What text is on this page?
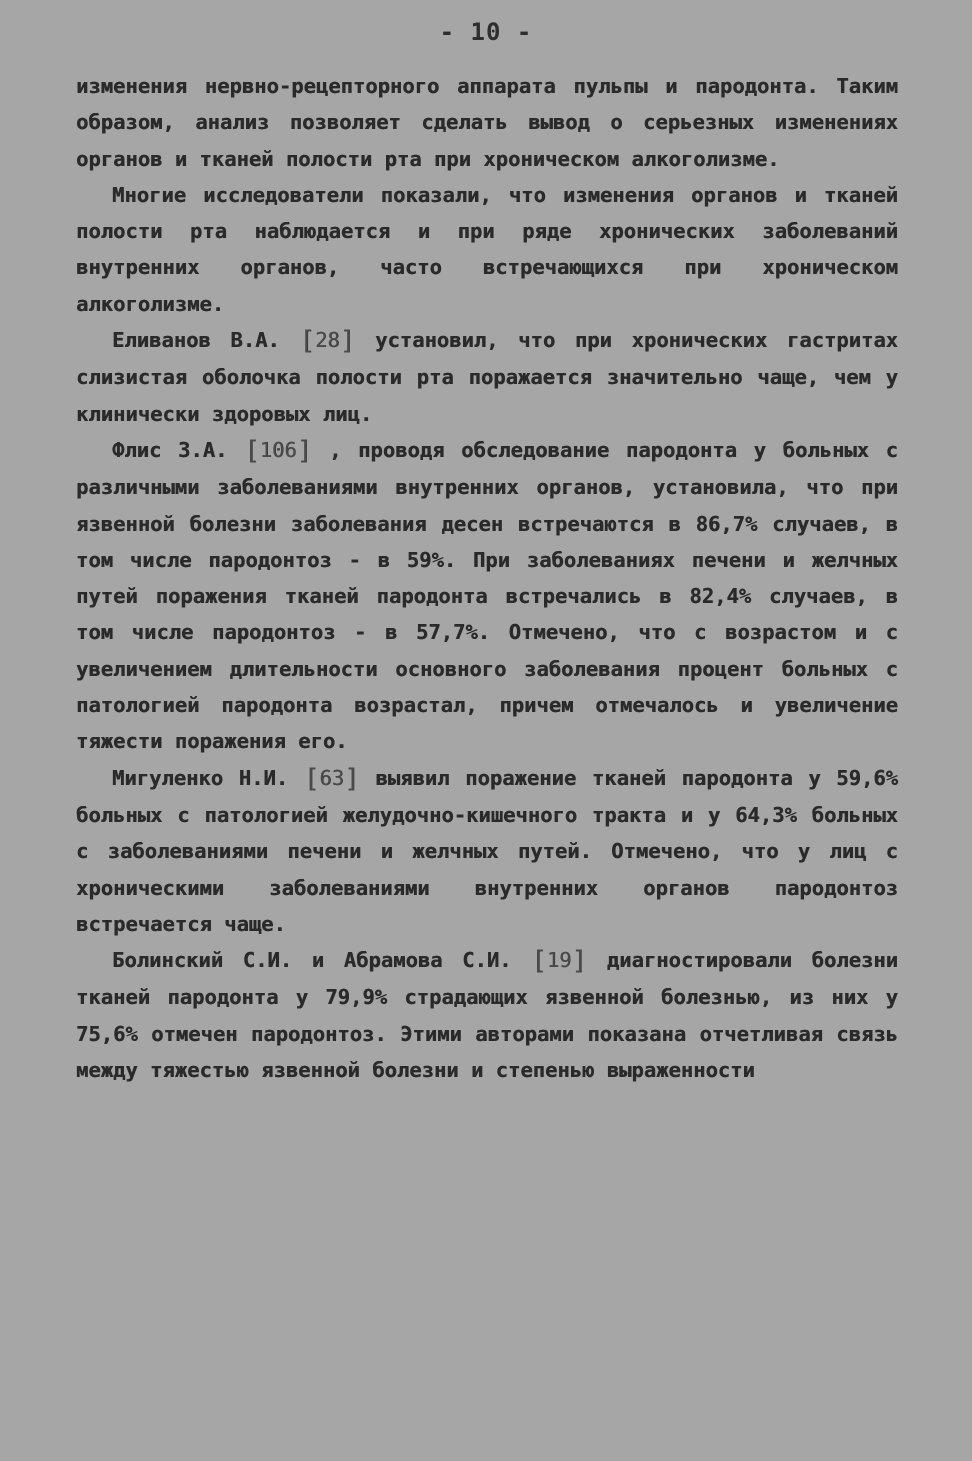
- 10 -

изменения нервно-рецепторного аппарата пульпы и пародонта. Таким образом, анализ позволяет сделать вывод о серьезных изменениях органов и тканей полости рта при хроническом алкоголизме.

Многие исследователи показали, что изменения органов и тканей полости рта наблюдается и при ряде хронических заболеваний внутренних органов, часто встречающихся при хроническом алкоголизме.

Еливанов В.А. [28] установил, что при хронических гастритах слизистая оболочка полости рта поражается значительно чаще, чем у клинически здоровых лиц.

Флис З.А. [106] , проводя обследование пародонта у больных с различными заболеваниями внутренних органов, установила, что при язвенной болезни заболевания десен встречаются в 86,7% случаев, в том числе пародонтоз - в 59%. При заболеваниях печени и желчных путей поражения тканей пародонта встречались в 82,4% случаев, в том числе пародонтоз - в 57,7%. Отмечено, что с возрастом и с увеличением длительности основного заболевания процент больных с патологией пародонта возрастал, причем отмечалось и увеличение тяжести поражения его.

Мигуленко Н.И. [63] выявил поражение тканей пародонта у 59,6% больных с патологией желудочно-кишечного тракта и у 64,3% больных с заболеваниями печени и желчных путей. Отмечено, что у лиц с хроническими заболеваниями внутренних органов пародонтоз встречается чаще.

Болинский С.И. и Абрамова С.И. [19] диагностировали болезни тканей пародонта у 79,9% страдающих язвенной болезнью, из них у 75,6% отмечен пародонтоз. Этими авторами показана отчетливая связь между тяжестью язвенной болезни и степенью выраженности
